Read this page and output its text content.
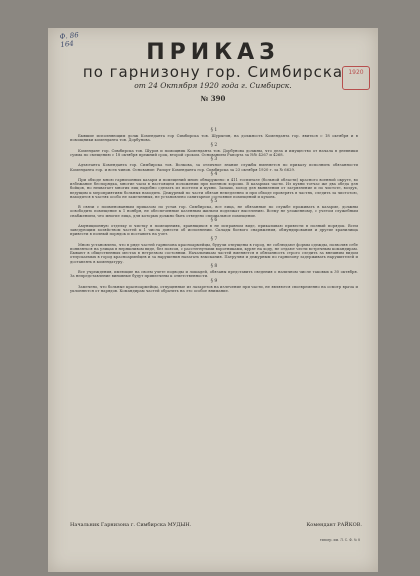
Ф. 86
164
1920
ПРИКАЗ
по гарнизону гор. Симбирска
от 24 Октября 1920 года г. Симбирск.
№ 390
§ 1

Бывшие исполняющим долж Коменданта гор Симбирска тов. Шурыгин, на должность Коменданта гор. явиться с 18 октября и в помощники коменданта тов. Дорбунова.

§ 2

Комендант гор. Симбирска тов. Шуров и помощник Коменданта тов. Дорбунова должны, что дела и имущество от начала в дневники сумма по смещению с 18 октября прежний срок, второй сроком. Основанием Рапорта за №№ 4267 и 4268.

§ 3

Адъютанта Коменданта гор. Симбирска тов. Волкова, за отличное знание службы вменяется по приказу исполнить обязанности Коменданта гор. и всех чинов. Основание: Рапорт Коменданта гор. Симбирска за 23 октября 1920 г. за № 6629.

§ 4

При обходе мною гарнизонных казарм и помещений мною обнаружено: в 411 госпитале (больной области) красного военной округе, во избежание беспорядка, многие часы в настоящем положении при военном хорошо. В казармах части. Из кухни тотчас же два обеда для бойцов, но нехватает многих лиц надобно сделать из постели и кухни. Запахи, холод для выявления от загрязнение и по чистоте, воздух, ведущим к мероприятиям больных находить. Дежурный по части обязан немедленно и при обходе проверять в частях, следить за чистотою, находится в частях особо не замеченных, не установлено санитарное состояние помещений и кухонь.

§ 5

В связи с поименованным приказом по устав гор. Симбирска, все лица, не обязанные по службе проживать в казарме, должны освободить помещение к 1 ноября, не обеспеченные казенным жильем подлежат выселению. Всему не уложенному, с учетом служебным снабжением, что многие лица, для которых должно быть отведено специальное помещение.

§ 6

Амуниционную отделку и чистку в помещениях, хранящихся в не исправном виде, приказываю привести в полный порядок. Всем заведующим хозяйством частей к 1 числа донести об исполнении. Склады боевого снаряжения, обмундирования и другие хранилища привести в полный порядок и поставить на учет.

§ 7

Мною установлено, что в ряде частей гарнизона красноармейцы, будучи отпущены в город, не соблюдают формы одежды, позволяя себе появляться на улицах в неряшливом виде, без поясов, с расстегнутыми воротниками, курят на ходу, не отдают чести встречным командирам. Бывают в общественных местах в нетрезвом состоянии. Начальникам частей вменяется в обязанность строго следить за внешним видом отпускаемых в город красноармейцев и за нарушения налагать взыскания. Патрулям и дежурным по гарнизону задерживать нарушителей и доставлять в комендатуру.

§ 8

Все учреждения, имеющие на своем учете подводы и лошадей, обязаны представить сведения о наличном числе таковых к 30 октября. За непредставление виновные будут привлечены к ответственности.

§ 9

Замечено, что больные красноармейцы, отпущенные из лазаретов на излечение при части, не являются своевременно на осмотр врача и уклоняются от нарядов. Командирам частей обратить на это особое внимание.

Начальник Гарнизона г. Симбирска МУДЫН.	Комендант РАЙКОВ.
типогр. им. Л. С. Ф. № 8
